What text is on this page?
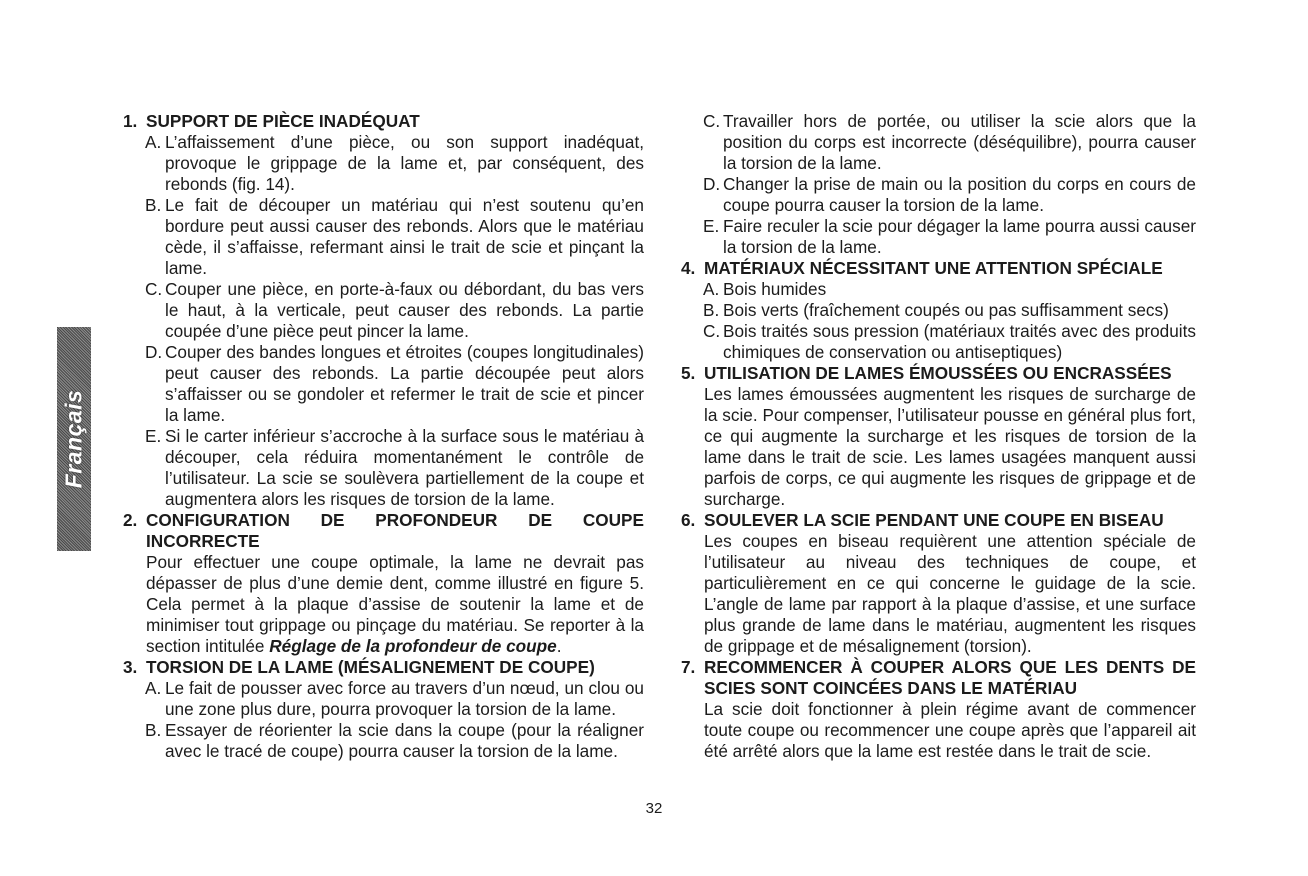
Français
1. SUPPORT DE PIÈCE INADÉQUAT
A. L’affaissement d’une pièce, ou son support inadéquat, provoque le grippage de la lame et, par conséquent, des rebonds (fig. 14).
B. Le fait de découper un matériau qui n’est soutenu qu’en bordure peut aussi causer des rebonds. Alors que le matériau cède, il s’affaisse, refermant ainsi le trait de scie et pinçant la lame.
C. Couper une pièce, en porte-à-faux ou débordant, du bas vers le haut, à la verticale, peut causer des rebonds. La partie coupée d’une pièce peut pincer la lame.
D. Couper des bandes longues et étroites (coupes longitudinales) peut causer des rebonds. La partie découpée peut alors s’affaisser ou se gondoler et refermer le trait de scie et pincer la lame.
E. Si le carter inférieur s’accroche à la surface sous le matériau à découper, cela réduira momentanément le contrôle de l’utilisateur. La scie se soulèvera partiellement de la coupe et augmentera alors les risques de torsion de la lame.
2. CONFIGURATION DE PROFONDEUR DE COUPE
INCORRECTE
Pour effectuer une coupe optimale, la lame ne devrait pas dépasser de plus d’une demie dent, comme illustré en figure 5. Cela permet à la plaque d’assise de soutenir la lame et de minimiser tout grippage ou pinçage du matériau. Se reporter à la section intitulée Réglage de la profondeur de coupe.
3. TORSION DE LA LAME (MÉSALIGNEMENT DE COUPE)
A. Le fait de pousser avec force au travers d’un nœud, un clou ou une zone plus dure, pourra provoquer la torsion de la lame.
B. Essayer de réorienter la scie dans la coupe (pour la réaligner avec le tracé de coupe) pourra causer la torsion de la lame.
C. Travailler hors de portée, ou utiliser la scie alors que la position du corps est incorrecte (déséquilibre), pourra causer la torsion de la lame.
D. Changer la prise de main ou la position du corps en cours de coupe pourra causer la torsion de la lame.
E. Faire reculer la scie pour dégager la lame pourra aussi causer la torsion de la lame.
4. MATÉRIAUX NÉCESSITANT UNE ATTENTION SPÉCIALE
A. Bois humides
B. Bois verts (fraîchement coupés ou pas suffisamment secs)
C. Bois traités sous pression (matériaux traités avec des produits chimiques de conservation ou antiseptiques)
5. UTILISATION DE LAMES ÉMOUSSÉES OU ENCRASSÉES
Les lames émoussées augmentent les risques de surcharge de la scie. Pour compenser, l’utilisateur pousse en général plus fort, ce qui augmente la surcharge et les risques de torsion de la lame dans le trait de scie. Les lames usagées manquent aussi parfois de corps, ce qui augmente les risques de grippage et de surcharge.
6. SOULEVER LA SCIE PENDANT UNE COUPE EN BISEAU
Les coupes en biseau requièrent une attention spéciale de l’utilisateur au niveau des techniques de coupe, et particulièrement en ce qui concerne le guidage de la scie. L’angle de lame par rapport à la plaque d’assise, et une surface plus grande de lame dans le matériau, augmentent les risques de grippage et de mésalignement (torsion).
7. RECOMMENCER À COUPER ALORS QUE LES DENTS DE
SCIES SONT COINCÉES DANS LE MATÉRIAU
La scie doit fonctionner à plein régime avant de commencer toute coupe ou recommencer une coupe après que l’appareil ait été arrêté alors que la lame est restée dans le trait de scie.
32
